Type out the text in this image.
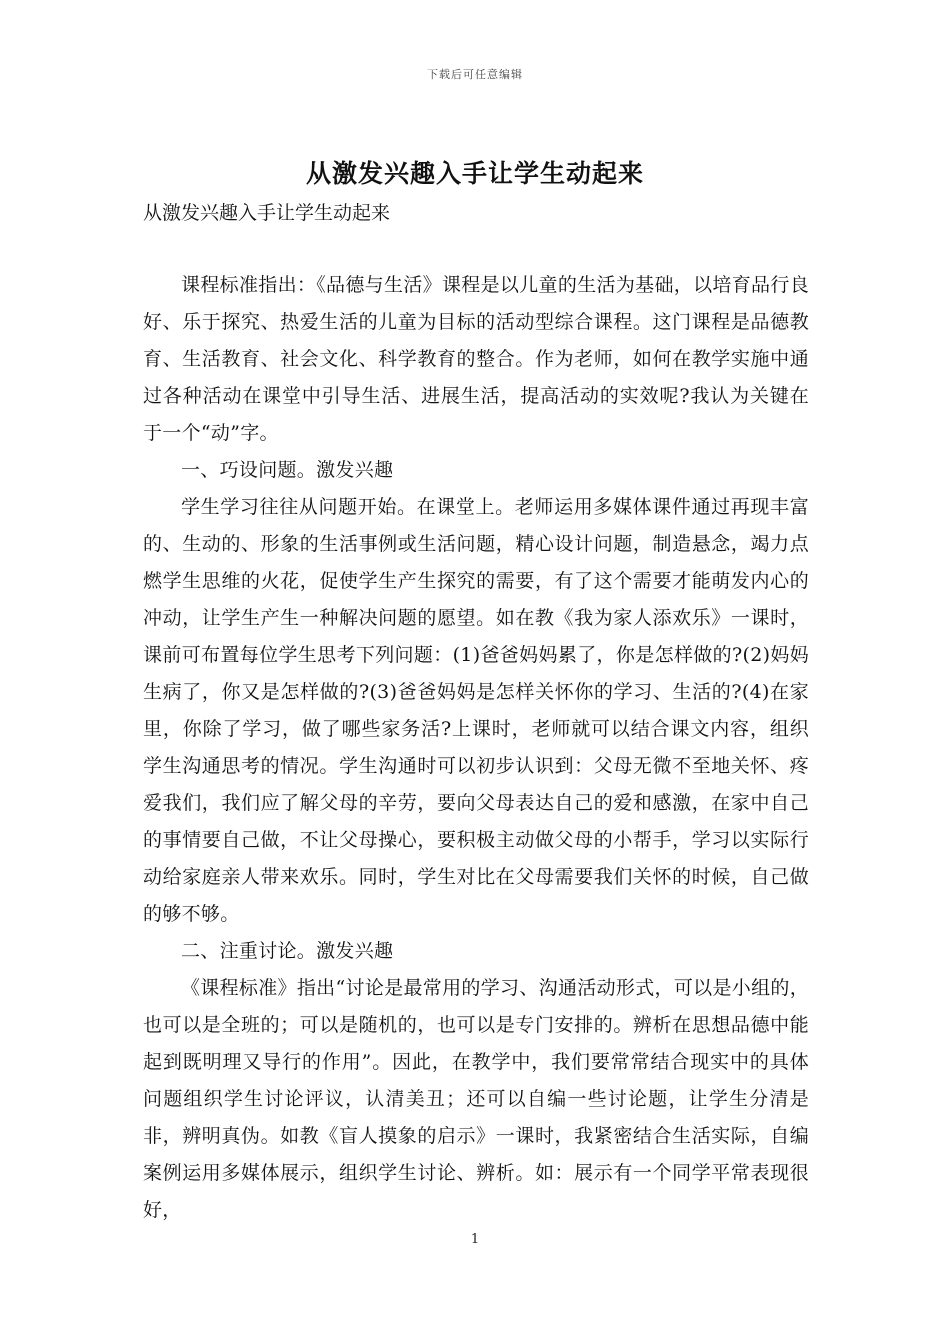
下载后可任意编辑
从激发兴趣入手让学生动起来

从激发兴趣入手让学生动起来

课程标准指出：《品德与生活》课程是以儿童的生活为基础，以培育品行良好、乐于探究、热爱生活的儿童为目标的活动型综合课程。这门课程是品德教育、生活教育、社会文化、科学教育的整合。作为老师，如何在教学实施中通过各种活动在课堂中引导生活、进展生活，提高活动的实效呢?我认为关键在于一个“动”字。

一、巧设问题。激发兴趣

学生学习往往从问题开始。在课堂上。老师运用多媒体课件通过再现丰富的、生动的、形象的生活事例或生活问题，精心设计问题，制造悬念，竭力点燃学生思维的火花，促使学生产生探究的需要，有了这个需要才能萌发内心的冲动，让学生产生一种解决问题的愿望。如在教《我为家人添欢乐》一课时，课前可布置每位学生思考下列问题：(1)爸爸妈妈累了，你是怎样做的?(2)妈妈生病了，你又是怎样做的?(3)爸爸妈妈是怎样关怀你的学习、生活的?(4)在家里，你除了学习，做了哪些家务活?上课时，老师就可以结合课文内容，组织学生沟通思考的情况。学生沟通时可以初步认识到：父母无微不至地关怀、疼爱我们，我们应了解父母的辛劳，要向父母表达自己的爱和感激，在家中自己的事情要自己做，不让父母操心，要积极主动做父母的小帮手，学习以实际行动给家庭亲人带来欢乐。同时，学生对比在父母需要我们关怀的时候，自己做的够不够。

二、注重讨论。激发兴趣

《课程标准》指出“讨论是最常用的学习、沟通活动形式，可以是小组的，也可以是全班的；可以是随机的，也可以是专门安排的。辨析在思想品德中能起到既明理又导行的作用”。因此，在教学中，我们要常常结合现实中的具体问题组织学生讨论评议，认清美丑；还可以自编一些讨论题，让学生分清是非，辨明真伪。如教《盲人摸象的启示》一课时，我紧密结合生活实际，自编案例运用多媒体展示，组织学生讨论、辨析。如：展示有一个同学平常表现很好，

1
